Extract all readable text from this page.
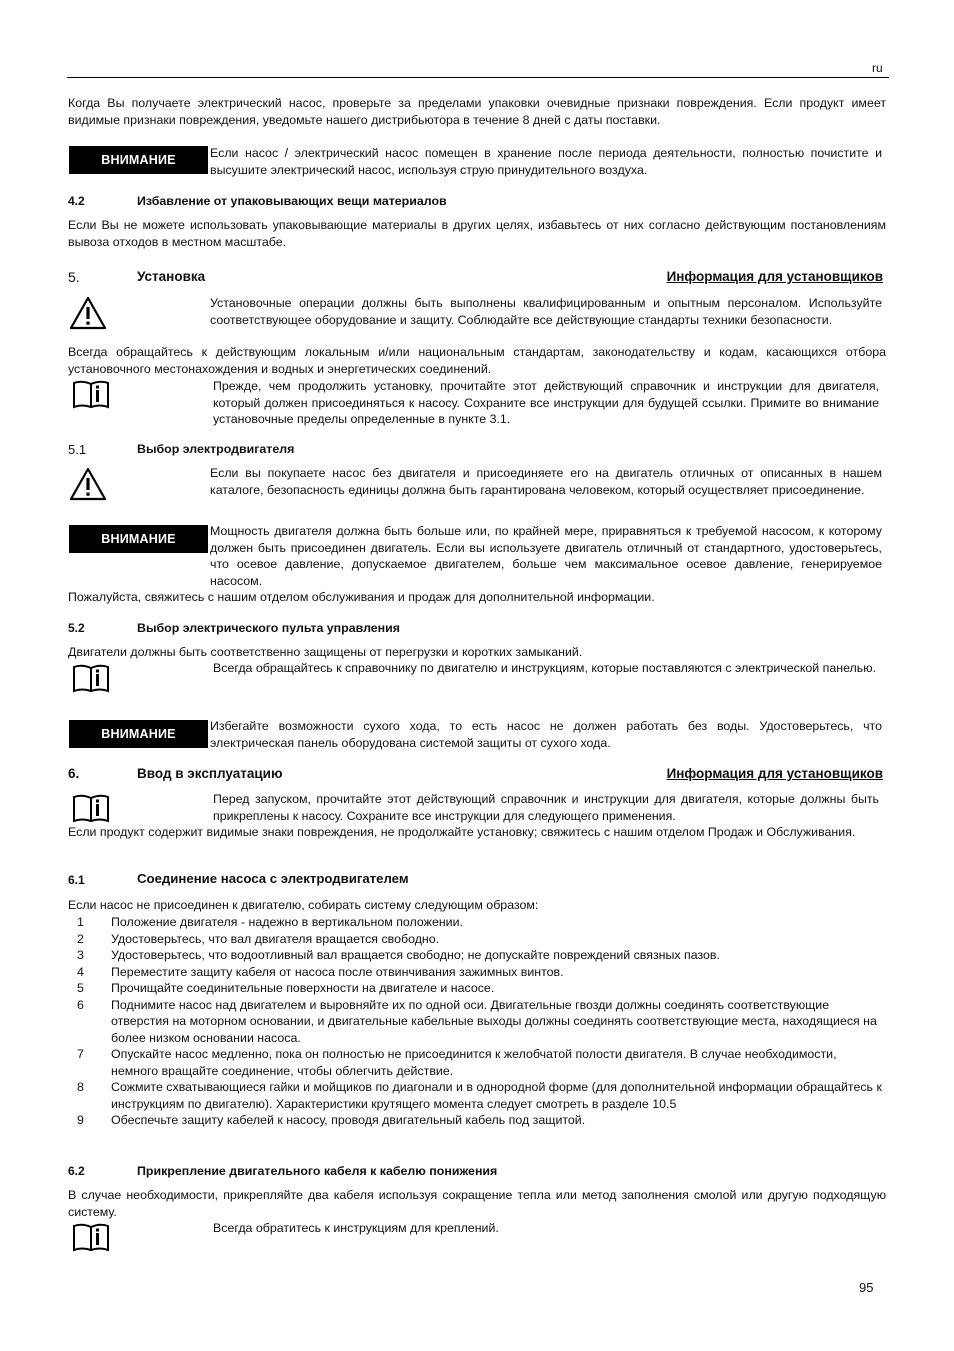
ru
Когда Вы получаете электрический насос, проверьте за пределами упаковки очевидные признаки повреждения. Если продукт имеет видимые признаки повреждения, уведомьте нашего дистрибьютора в течение 8 дней с даты поставки.
ВНИМАНИЕ	Если насос / электрический насос помещен в хранение после периода деятельности, полностью почистите и высушите электрический насос, используя струю принудительного воздуха.
4.2	Избавление от упаковывающих вещи материалов
Если Вы не можете использовать упаковывающие материалы в других целях, избавьтесь от них согласно действующим постановлениям вывоза отходов в местном масштабе.
5.	Установка	Информация для установщиков
Установочные операции должны быть выполнены квалифицированным и опытным персоналом. Используйте соответствующее оборудование и защиту. Соблюдайте все действующие стандарты техники безопасности.
Всегда обращайтесь к действующим локальным и/или национальным стандартам, законодательству и кодам, касающихся отбора установочного местонахождения и водных и энергетических соединений.
Прежде, чем продолжить установку, прочитайте этот действующий справочник и инструкции для двигателя, который должен присоединяться к насосу. Сохраните все инструкции для будущей ссылки. Примите во внимание установочные пределы определенные в пункте 3.1.
5.1	Выбор электродвигателя
Если вы покупаете насос без двигателя и присоединяете его на двигатель отличных от описанных в нашем каталоге, безопасность единицы должна быть гарантирована человеком, который осуществляет присоединение.
ВНИМАНИЕ
Мощность двигателя должна быть больше или, по крайней мере, приравняться к требуемой насосом, к которому должен быть присоединен двигатель. Если вы используете двигатель отличный от стандартного, удостоверьтесь, что осевое давление, допускаемое двигателем, больше чем максимальное осевое давление, генерируемое насосом.
Пожалуйста, свяжитесь с нашим отделом обслуживания и продаж для дополнительной информации.
5.2	Выбор электрического пульта управления
Двигатели должны быть соответственно защищены от перегрузки и коротких замыканий.
Всегда обращайтесь к справочнику по двигателю и инструкциям, которые поставляются с электрической панелью.
ВНИМАНИЕ
Избегайте возможности сухого хода, то есть насос не должен работать без воды. Удостоверьтесь, что электрическая панель оборудована системой защиты от сухого хода.
6.	Ввод в эксплуатацию	Информация для установщиков
Перед запуском, прочитайте этот действующий справочник и инструкции для двигателя, которые должны быть прикреплены к насосу. Сохраните все инструкции для следующего применения.
Если продукт содержит видимые знаки повреждения, не продолжайте установку; свяжитесь с нашим отделом Продаж и Обслуживания.
6.1	Соединение насоса с электродвигателем
Если насос не присоединен к двигателю, собирать систему следующим образом:
1	Положение двигателя - надежно в вертикальном положении.
2	Удостоверьтесь, что вал двигателя вращается свободно.
3	Удостоверьтесь, что водоотливный вал вращается свободно; не допускайте повреждений связных пазов.
4	Переместите защиту кабеля от насоса после отвинчивания зажимных винтов.
5	Прочищайте соединительные поверхности на двигателе и насосе.
6	Поднимите насос над двигателем и выровняйте их по одной оси. Двигательные гвозди должны соединять соответствующие отверстия на моторном основании, и двигательные кабельные выходы должны соединять соответствующие места, находящиеся на более низком основании насоса.
7	Опускайте насос медленно, пока он полностью не присоединится к желобчатой полости двигателя. В случае необходимости, немного вращайте соединение, чтобы облегчить действие.
8	Сожмите схватывающиеся гайки и мойщиков по диагонали и в однородной форме (для дополнительной информации обращайтесь к инструкциям по двигателю). Характеристики крутящего момента следует смотреть в разделе 10.5
9	Обеспечьте защиту кабелей к насосу, проводя двигательный кабель под защитой.
6.2	Прикрепление двигательного кабеля к кабелю понижения
В случае необходимости, прикрепляйте два кабеля используя сокращение тепла или метод заполнения смолой или другую подходящую систему.
Всегда обратитесь к инструкциям для креплений.
95
